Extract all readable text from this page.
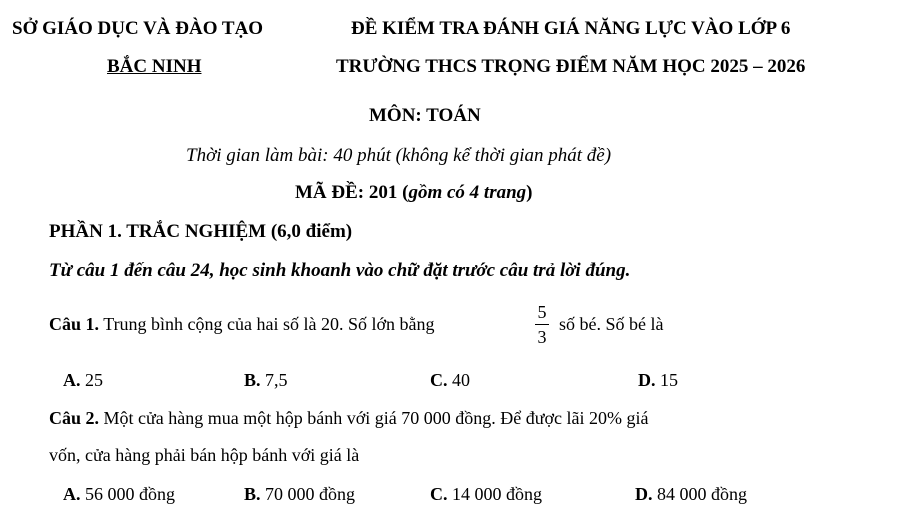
SỞ GIÁO DỤC VÀ ĐÀO TẠO
BẮC NINH
ĐỀ KIỂM TRA ĐÁNH GIÁ NĂNG LỰC VÀO LỚP 6
TRƯỜNG THCS TRỌNG ĐIỂM NĂM HỌC 2025 – 2026
MÔN: TOÁN
Thời gian làm bài: 40 phút (không kể thời gian phát đề)
MÃ ĐỀ: 201 (gồm có 4 trang)
PHẦN 1. TRẮC NGHIỆM (6,0 điểm)
Từ câu 1 đến câu 24, học sinh khoanh vào chữ đặt trước câu trả lời đúng.
Câu 1. Trung bình cộng của hai số là 20. Số lớn bằng	$\frac{5}{3}$ số bé. Số bé là
A. 25	B. 7,5	C. 40	D. 15
Câu 2. Một cửa hàng mua một hộp bánh với giá 70 000 đồng. Để được lãi 20% giá
vốn, cửa hàng phải bán hộp bánh với giá là
A. 56 000 đồng	B. 70 000 đồng	C. 14 000 đồng	D. 84 000 đồng
